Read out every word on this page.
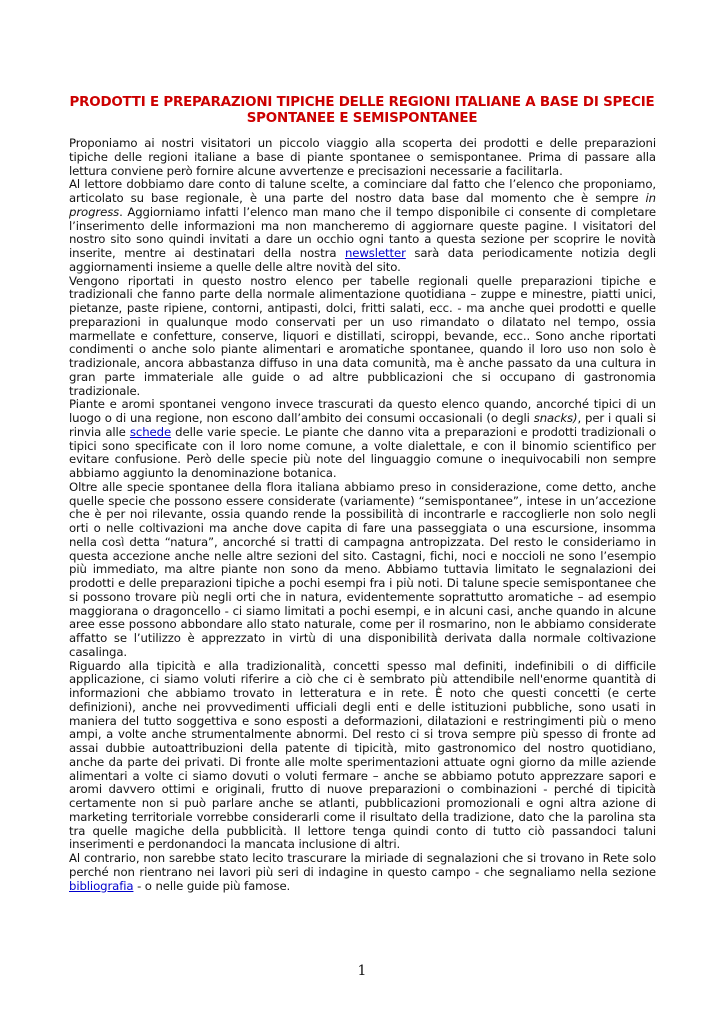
PRODOTTI E PREPARAZIONI TIPICHE DELLE REGIONI ITALIANE A BASE DI SPECIE
SPONTANEE E SEMISPONTANEE

Proponiamo ai nostri visitatori un piccolo viaggio alla scoperta dei prodotti e delle preparazioni tipiche delle regioni italiane a base di piante spontanee o semispontanee. Prima di passare alla lettura conviene però fornire alcune avvertenze e precisazioni necessarie a facilitarla.

Al lettore dobbiamo dare conto di talune scelte, a cominciare dal fatto che l’elenco che proponiamo, articolato su base regionale, è una parte del nostro data base dal momento che è sempre in progress. Aggiorniamo infatti l’elenco man mano che il tempo disponibile ci consente di completare l’inserimento delle informazioni ma non mancheremo di aggiornare queste pagine. I visitatori del nostro sito sono quindi invitati a dare un occhio ogni tanto a questa sezione per scoprire le novità inserite, mentre ai destinatari della nostra newsletter sarà data periodicamente notizia degli aggiornamenti insieme a quelle delle altre novità del sito.

Vengono riportati in questo nostro elenco per tabelle regionali quelle preparazioni tipiche e tradizionali che fanno parte della normale alimentazione quotidiana – zuppe e minestre, piatti unici, pietanze, paste ripiene, contorni, antipasti, dolci, fritti salati, ecc. - ma anche quei prodotti e quelle preparazioni in qualunque modo conservati per un uso rimandato o dilatato nel tempo, ossia marmellate e confetture, conserve, liquori e distillati, sciroppi, bevande, ecc.. Sono anche riportati condimenti o anche solo piante alimentari e aromatiche spontanee, quando il loro uso non solo è tradizionale, ancora abbastanza diffuso in una data comunità, ma è anche passato da una cultura in gran parte immateriale alle guide o ad altre pubblicazioni che si occupano di gastronomia tradizionale.

Piante e aromi spontanei vengono invece trascurati da questo elenco quando, ancorché tipici di un luogo o di una regione, non escono dall’ambito dei consumi occasionali (o degli snacks), per i quali si rinvia alle schede delle varie specie. Le piante che danno vita a preparazioni e prodotti tradizionali o tipici sono specificate con il loro nome comune, a volte dialettale, e con il binomio scientifico per evitare confusione. Però delle specie più note del linguaggio comune o inequivocabili non sempre abbiamo aggiunto la denominazione botanica.

Oltre alle specie spontanee della flora italiana abbiamo preso in considerazione, come detto, anche quelle specie che possono essere considerate (variamente) “semispontanee”, intese in un’accezione che è per noi rilevante, ossia quando rende la possibilità di incontrarle e raccoglierle non solo negli orti o nelle coltivazioni ma anche dove capita di fare una passeggiata o una escursione, insomma nella così detta “natura”, ancorché si tratti di campagna antropizzata. Del resto le consideriamo in questa accezione anche nelle altre sezioni del sito. Castagni, fichi, noci e noccioli ne sono l’esempio più immediato, ma altre piante non sono da meno. Abbiamo tuttavia limitato le segnalazioni dei prodotti e delle preparazioni tipiche a pochi esempi fra i più noti. Di talune specie semispontanee che si possono trovare più negli orti che in natura, evidentemente soprattutto aromatiche – ad esempio maggiorana o dragoncello - ci siamo limitati a pochi esempi, e in alcuni casi, anche quando in alcune aree esse possono abbondare allo stato naturale, come per il rosmarino, non le abbiamo considerate affatto se l’utilizzo è apprezzato in virtù di una disponibilità derivata dalla normale coltivazione casalinga.

Riguardo alla tipicità e alla tradizionalità, concetti spesso mal definiti, indefinibili o di difficile applicazione, ci siamo voluti riferire a ciò che ci è sembrato più attendibile nell'enorme quantità di informazioni che abbiamo trovato in letteratura e in rete. È noto che questi concetti (e certe definizioni), anche nei provvedimenti ufficiali degli enti e delle istituzioni pubbliche, sono usati in maniera del tutto soggettiva e sono esposti a deformazioni, dilatazioni e restringimenti più o meno ampi, a volte anche strumentalmente abnormi. Del resto ci si trova sempre più spesso di fronte ad assai dubbie autoattribuzioni della patente di tipicità, mito gastronomico del nostro quotidiano, anche da parte dei privati. Di fronte alle molte sperimentazioni attuate ogni giorno da mille aziende alimentari a volte ci siamo dovuti o voluti fermare – anche se abbiamo potuto apprezzare sapori e aromi davvero ottimi e originali, frutto di nuove preparazioni o combinazioni - perché di tipicità certamente non si può parlare anche se atlanti, pubblicazioni promozionali e ogni altra azione di marketing territoriale vorrebbe considerarli come il risultato della tradizione, dato che la parolina sta tra quelle magiche della pubblicità. Il lettore tenga quindi conto di tutto ciò passandoci taluni inserimenti e perdonandoci la mancata inclusione di altri.

Al contrario, non sarebbe stato lecito trascurare la miriade di segnalazioni che si trovano in Rete solo perché non rientrano nei lavori più seri di indagine in questo campo - che segnaliamo nella sezione bibliografia - o nelle guide più famose.

1
